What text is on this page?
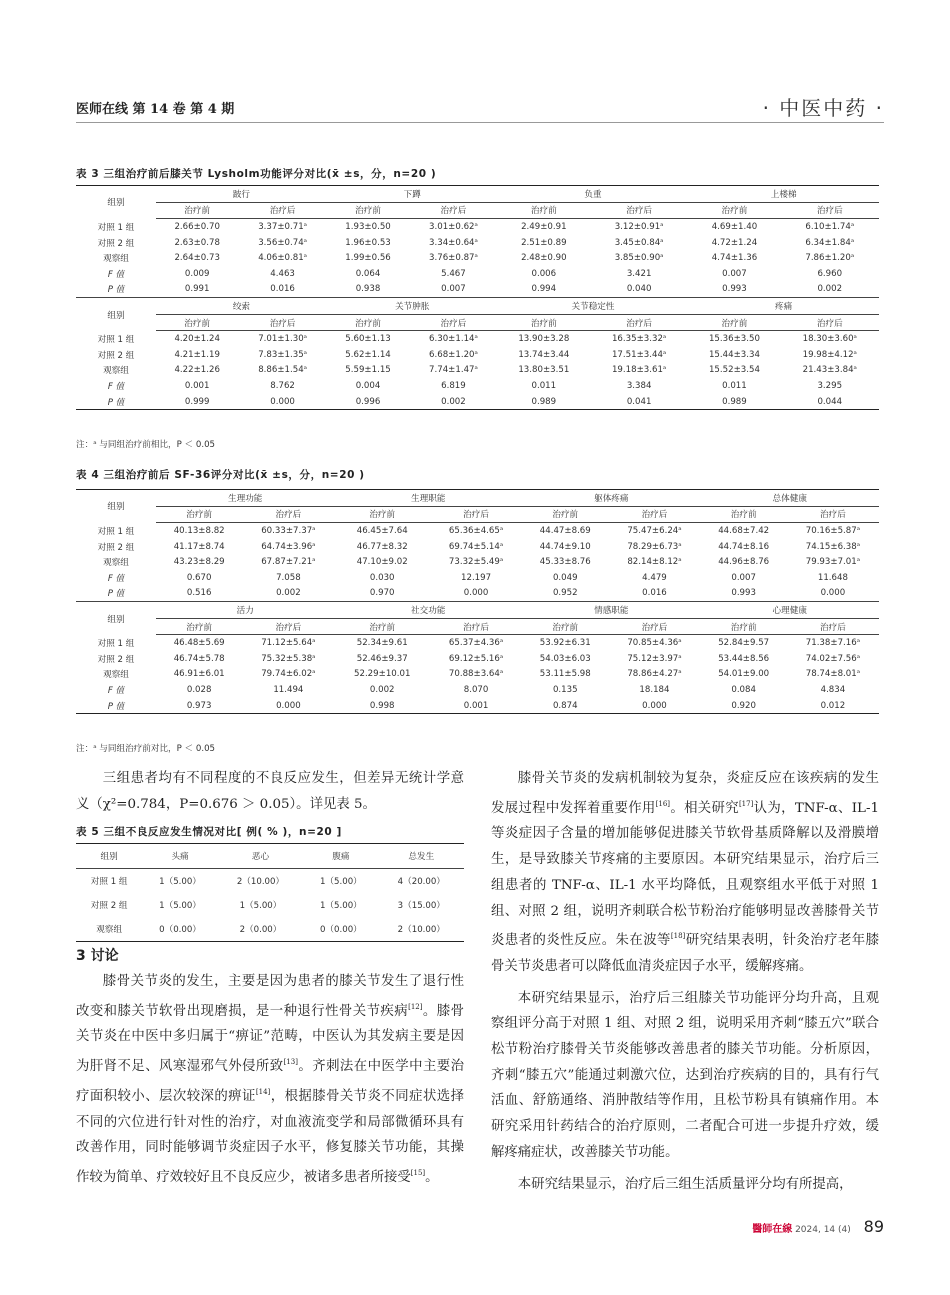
医师在线 第 14 卷 第 4 期	· 中医中药 ·
表 3 三组治疗前后膝关节 Lysholm功能评分对比(x̄ ±s，分，n=20 )
组别	跛行		下蹲		负重		上楼梯	
	治疗前	治疗后	治疗前	治疗后	治疗前	治疗后	治疗前	治疗后
对照 1 组	2.66±0.70	3.37±0.71ᵃ	1.93±0.50	3.01±0.62ᵃ	2.49±0.91	3.12±0.91ᵃ	4.69±1.40	6.10±1.74ᵃ
对照 2 组	2.63±0.78	3.56±0.74ᵃ	1.96±0.53	3.34±0.64ᵃ	2.51±0.89	3.45±0.84ᵃ	4.72±1.24	6.34±1.84ᵃ
观察组	2.64±0.73	4.06±0.81ᵃ	1.99±0.56	3.76±0.87ᵃ	2.48±0.90	3.85±0.90ᵃ	4.74±1.36	7.86±1.20ᵃ
F 值	0.009	4.463	0.064	5.467	0.006	3.421	0.007	6.960
P 值	0.991	0.016	0.938	0.007	0.994	0.040	0.993	0.002
组别	绞索		关节肿胀		关节稳定性		疼痛	
	治疗前	治疗后	治疗前	治疗后	治疗前	治疗后	治疗前	治疗后
对照 1 组	4.20±1.24	7.01±1.30ᵃ	5.60±1.13	6.30±1.14ᵃ	13.90±3.28	16.35±3.32ᵃ	15.36±3.50	18.30±3.60ᵃ
对照 2 组	4.21±1.19	7.83±1.35ᵃ	5.62±1.14	6.68±1.20ᵃ	13.74±3.44	17.51±3.44ᵃ	15.44±3.34	19.98±4.12ᵃ
观察组	4.22±1.26	8.86±1.54ᵃ	5.59±1.15	7.74±1.47ᵃ	13.80±3.51	19.18±3.61ᵃ	15.52±3.54	21.43±3.84ᵃ
F 值	0.001	8.762	0.004	6.819	0.011	3.384	0.011	3.295
P 值	0.999	0.000	0.996	0.002	0.989	0.041	0.989	0.044
注：ᵃ 与同组治疗前相比，P ＜ 0.05
表 4 三组治疗前后 SF-36评分对比(x̄ ±s，分，n=20 )
组别	生理功能		生理职能		躯体疼痛		总体健康	
	治疗前	治疗后	治疗前	治疗后	治疗前	治疗后	治疗前	治疗后
对照 1 组	40.13±8.82	60.33±7.37ᵃ	46.45±7.64	65.36±4.65ᵃ	44.47±8.69	75.47±6.24ᵃ	44.68±7.42	70.16±5.87ᵃ
对照 2 组	41.17±8.74	64.74±3.96ᵃ	46.77±8.32	69.74±5.14ᵃ	44.74±9.10	78.29±6.73ᵃ	44.74±8.16	74.15±6.38ᵃ
观察组	43.23±8.29	67.87±7.21ᵃ	47.10±9.02	73.32±5.49ᵃ	45.33±8.76	82.14±8.12ᵃ	44.96±8.76	79.93±7.01ᵃ
F 值	0.670	7.058	0.030	12.197	0.049	4.479	0.007	11.648
P 值	0.516	0.002	0.970	0.000	0.952	0.016	0.993	0.000
组别	活力		社交功能		情感职能		心理健康	
	治疗前	治疗后	治疗前	治疗后	治疗前	治疗后	治疗前	治疗后
对照 1 组	46.48±5.69	71.12±5.64ᵃ	52.34±9.61	65.37±4.36ᵃ	53.92±6.31	70.85±4.36ᵃ	52.84±9.57	71.38±7.16ᵃ
对照 2 组	46.74±5.78	75.32±5.38ᵃ	52.46±9.37	69.12±5.16ᵃ	54.03±6.03	75.12±3.97ᵃ	53.44±8.56	74.02±7.56ᵃ
观察组	46.91±6.01	79.74±6.02ᵃ	52.29±10.01	70.88±3.64ᵃ	53.11±5.98	78.86±4.27ᵃ	54.01±9.00	78.74±8.01ᵃ
F 值	0.028	11.494	0.002	8.070	0.135	18.184	0.084	4.834
P 值	0.973	0.000	0.998	0.001	0.874	0.000	0.920	0.012
注：ᵃ 与同组治疗前对比，P ＜ 0.05

三组患者均有不同程度的不良反应发生，但差异无统计学意义（χ²=0.784，P=0.676 ＞ 0.05）。详见表 5。

表 5 三组不良反应发生情况对比[ 例( % )，n=20 ]
组别	头痛	恶心	腹痛	总发生
对照 1 组	1（5.00）	2（10.00）	1（5.00）	4（20.00）
对照 2 组	1（5.00）	1（5.00）	1（5.00）	3（15.00）
观察组	0（0.00）	2（0.00）	0（0.00）	2（10.00）
3 讨论

膝骨关节炎的发生，主要是因为患者的膝关节发生了退行性改变和膝关节软骨出现磨损，是一种退行性骨关节疾病[12]。膝骨关节炎在中医中多归属于“痹证”范畴，中医认为其发病主要是因为肝肾不足、风寒湿邪气外侵所致[13]。齐刺法在中医学中主要治疗面积较小、层次较深的痹证[14]，根据膝骨关节炎不同症状选择不同的穴位进行针对性的治疗，对血液流变学和局部微循环具有改善作用，同时能够调节炎症因子水平，修复膝关节功能，其操作较为简单、疗效较好且不良反应少，被诸多患者所接受[15]。

膝骨关节炎的发病机制较为复杂，炎症反应在该疾病的发生发展过程中发挥着重要作用[16]。相关研究[17]认为，TNF-α、IL-1 等炎症因子含量的增加能够促进膝关节软骨基质降解以及滑膜增生，是导致膝关节疼痛的主要原因。本研究结果显示，治疗后三组患者的 TNF-α、IL-1 水平均降低，且观察组水平低于对照 1 组、对照 2 组，说明齐刺联合松节粉治疗能够明显改善膝骨关节炎患者的炎性反应。朱在波等[18]研究结果表明，针灸治疗老年膝骨关节炎患者可以降低血清炎症因子水平，缓解疼痛。

本研究结果显示，治疗后三组膝关节功能评分均升高，且观察组评分高于对照 1 组、对照 2 组，说明采用齐刺“膝五穴”联合松节粉治疗膝骨关节炎能够改善患者的膝关节功能。分析原因，齐刺“膝五穴”能通过刺激穴位，达到治疗疾病的目的，具有行气活血、舒筋通络、消肿散结等作用，且松节粉具有镇痛作用。本研究采用针药结合的治疗原则，二者配合可进一步提升疗效，缓解疼痛症状，改善膝关节功能。

本研究结果显示，治疗后三组生活质量评分均有所提高，

醫師在線 2024, 14 (4) 89
